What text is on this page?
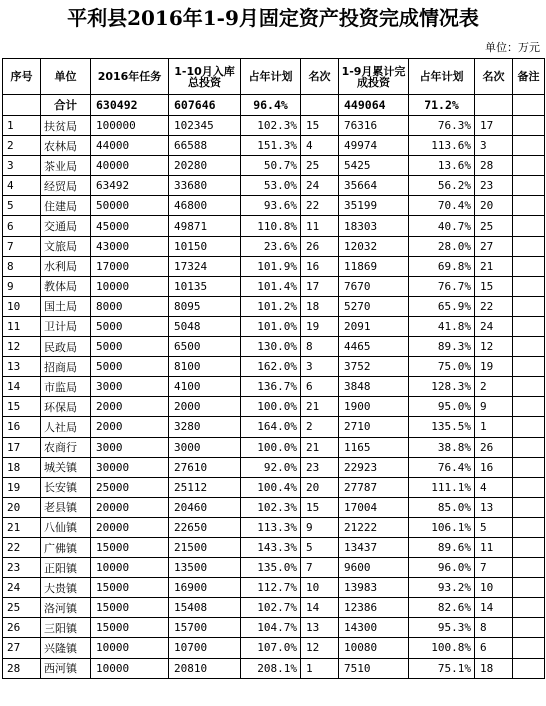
平利县2016年1-9月固定资产投资完成情况表
单位：万元
序号	单位	2016年任务	1-10月入库总投资	占年计划	名次	1-9月累计完成投资	占年计划	名次	备注
	合计	630492	607646	96.4%		449064	71.2%		
1	扶贫局	100000	102345	102.3%	15	76316	76.3%	17	
2	农林局	44000	66588	151.3%	4	49974	113.6%	3	
3	茶业局	40000	20280	50.7%	25	5425	13.6%	28	
4	经贸局	63492	33680	53.0%	24	35664	56.2%	23	
5	住建局	50000	46800	93.6%	22	35199	70.4%	20	
6	交通局	45000	49871	110.8%	11	18303	40.7%	25	
7	文旅局	43000	10150	23.6%	26	12032	28.0%	27	
8	水利局	17000	17324	101.9%	16	11869	69.8%	21	
9	教体局	10000	10135	101.4%	17	7670	76.7%	15	
10	国土局	8000	8095	101.2%	18	5270	65.9%	22	
11	卫计局	5000	5048	101.0%	19	2091	41.8%	24	
12	民政局	5000	6500	130.0%	8	4465	89.3%	12	
13	招商局	5000	8100	162.0%	3	3752	75.0%	19	
14	市监局	3000	4100	136.7%	6	3848	128.3%	2	
15	环保局	2000	2000	100.0%	21	1900	95.0%	9	
16	人社局	2000	3280	164.0%	2	2710	135.5%	1	
17	农商行	3000	3000	100.0%	21	1165	38.8%	26	
18	城关镇	30000	27610	92.0%	23	22923	76.4%	16	
19	长安镇	25000	25112	100.4%	20	27787	111.1%	4	
20	老县镇	20000	20460	102.3%	15	17004	85.0%	13	
21	八仙镇	20000	22650	113.3%	9	21222	106.1%	5	
22	广佛镇	15000	21500	143.3%	5	13437	89.6%	11	
23	正阳镇	10000	13500	135.0%	7	9600	96.0%	7	
24	大贵镇	15000	16900	112.7%	10	13983	93.2%	10	
25	洛河镇	15000	15408	102.7%	14	12386	82.6%	14	
26	三阳镇	15000	15700	104.7%	13	14300	95.3%	8	
27	兴隆镇	10000	10700	107.0%	12	10080	100.8%	6	
28	西河镇	10000	20810	208.1%	1	7510	75.1%	18	
